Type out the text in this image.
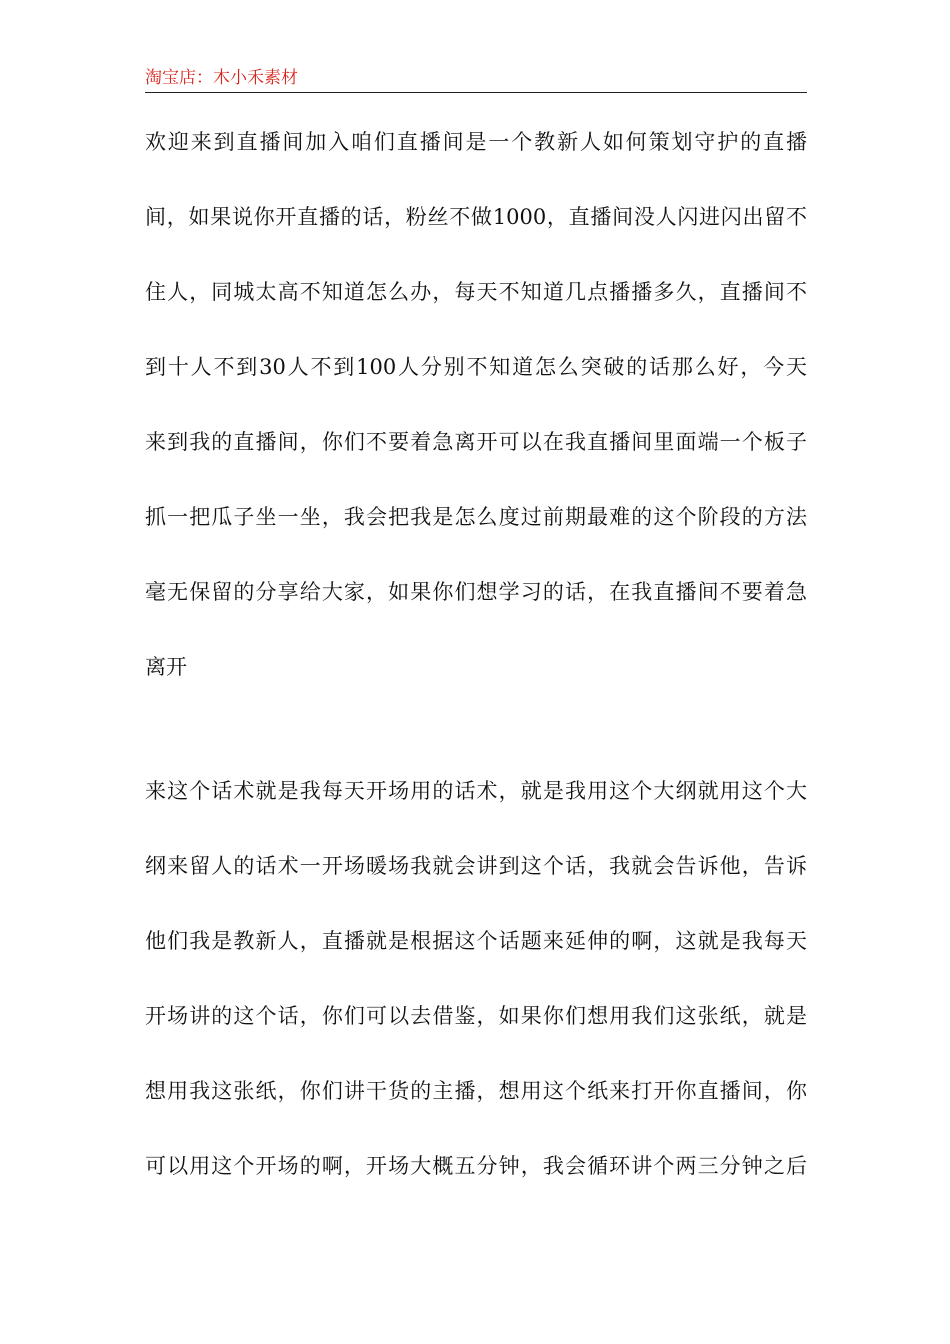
淘宝店：木小禾素材
欢迎来到直播间加入咱们直播间是一个教新人如何策划守护的直播
间，如果说你开直播的话，粉丝不做1000，直播间没人闪进闪出留不
住人，同城太高不知道怎么办，每天不知道几点播播多久，直播间不
到十人不到30人不到100人分别不知道怎么突破的话那么好，今天
来到我的直播间，你们不要着急离开可以在我直播间里面端一个板子
抓一把瓜子坐一坐，我会把我是怎么度过前期最难的这个阶段的方法
毫无保留的分享给大家，如果你们想学习的话，在我直播间不要着急
离开
来这个话术就是我每天开场用的话术，就是我用这个大纲就用这个大
纲来留人的话术一开场暖场我就会讲到这个话，我就会告诉他，告诉
他们我是教新人，直播就是根据这个话题来延伸的啊，这就是我每天
开场讲的这个话，你们可以去借鉴，如果你们想用我们这张纸，就是
想用我这张纸，你们讲干货的主播，想用这个纸来打开你直播间，你
可以用这个开场的啊，开场大概五分钟，我会循环讲个两三分钟之后
